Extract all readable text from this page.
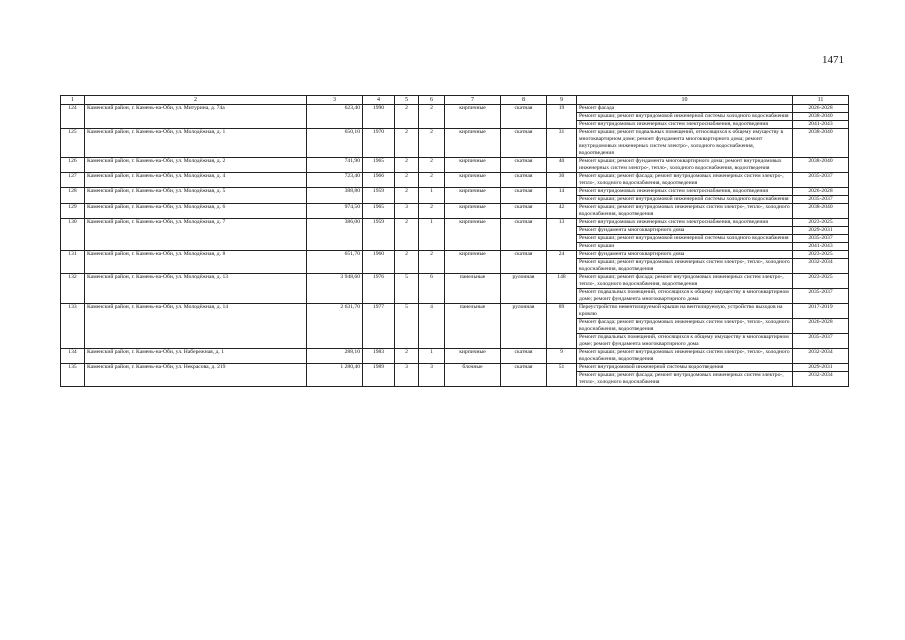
1471
1	2	3	4	5	6	7	8	9	10	11
124	Каменский район, г. Камень-на-Оби, ул. Митурина, д. 74а	623,40	1990	2	2	кирпичные	скатная	19	Ремонт фасада	2026-2028
									Ремонт крыши; ремонт внутридомовой инженерной системы холодного водоснабжения	2038-2040
									Ремонт внутридомовых инженерных систем электроснабжения, водоотведения	2041-2043
125	Каменский район, г. Камень-на-Оби, ул. Молодёжная, д. 1	650,10	1970	2	2	кирпичные	скатная	31	Ремонт крыши; ремонт подвальных помещений, относящихся к общему имуществу в многоквартирном доме; ремонт фундамента многоквартирного дома; ремонт внутридомовых инженерных систем электро-, холодного водоснабжения, водоотведения	2038-2040
126	Каменский район, г. Камень-на-Оби, ул. Молодёжная, д. 2	741,90	1965	2	2	кирпичные	скатная	40	Ремонт крыши; ремонт фундамента многоквартирного дома; ремонт внутридомовых инженерных систем электро-, тепло-, холодного водоснабжения, водоотведения	2038-2040
127	Каменский район, г. Камень-на-Оби, ул. Молодёжная, д. 4	723,40	1966	2	2	кирпичные	скатная	30	Ремонт крыши; ремонт фасада; ремонт внутридомовых инженерных систем электро-, тепло-, холодного водоснабжения, водоотведения	2035-2037
128	Каменский район, г. Камень-на-Оби, ул. Молодёжная, д. 5	388,80	1959	2	1	кирпичные	скатная	14	Ремонт внутридомовых инженерных систем электроснабжения, водоотведения	2026-2028
									Ремонт крыши; ремонт внутридомовой инженерной системы холодного водоснабжения	2035-2037
129	Каменский район, г. Камень-на-Оби, ул. Молодёжная, д. 6	974,50	1965	3	2	кирпичные	скатная	42	Ремонт крыши; ремонт внутридомовых инженерных систем электро-, тепло-, холодного водоснабжения, водоотведения	2038-2040
130	Каменский район, г. Камень-на-Оби, ул. Молодёжная, д. 7	386,00	1959	2	1	кирпичные	скатная	13	Ремонт внутридомовых инженерных систем электроснабжения, водоотведения	2023-2025
									Ремонт фундамента многоквартирного дома	2029-2031
									Ремонт крыши; ремонт внутридомовой инженерной системы холодного водоснабжения	2035-2037
									Ремонт крыши	2041-2043
131	Каменский район, г. Камень-на-Оби, ул. Молодёжная, д. 8	651,70	1960	2	2	кирпичные	скатная	24	Ремонт фундамента многоквартирного дома	2023-2025
									Ремонт крыши; ремонт внутридомовых инженерных систем электро-, тепло-, холодного водоснабжения, водоотведения	2032-2034
132	Каменский район, г. Камень-на-Оби, ул. Молодёжная, д. 13	3 948,60	1976	5	6	панельные	рулонная	148	Ремонт крыши; ремонт фасада; ремонт внутридомовых инженерных систем электро-, тепло-, холодного водоснабжения, водоотведения	2023-2025
									Ремонт подвальных помещений, относящихся к общему имуществу в многоквартирном доме; ремонт фундамента многоквартирного дома	2035-2037
133	Каменский район, г. Камень-на-Оби, ул. Молодёжная, д. 14	2 631,70	1977	5	4	панельные	рулонная	89	Переустройство невентилируемой крыши на вентилируемую, устройство выходов на кровлю	2017-2019
									Ремонт фасада; ремонт внутридомовых инженерных систем электро-, тепло-, холодного водоснабжения, водоотведения	2026-2028
									Ремонт подвальных помещений, относящихся к общему имуществу в многоквартирном доме; ремонт фундамента многоквартирного дома	2035-2037
134	Каменский район, г. Камень-на-Оби, ул. Набережная, д. 1	288,10	1983	2	1	кирпичные	скатная	9	Ремонт крыши; ремонт внутридомовых инженерных систем электро-, тепло-, холодного водоснабжения, водоотведения	2032-2034
135	Каменский район, г. Камень-на-Оби, ул. Некрасова, д. 219	1 280,40	1989	3	3	блочные	скатная	51	Ремонт внутридомовой инженерной системы водоотведения	2029-2031
									Ремонт крыши; ремонт фасада; ремонт внутридомовых инженерных систем электро-, тепло-, холодного водоснабжения	2032-2034
